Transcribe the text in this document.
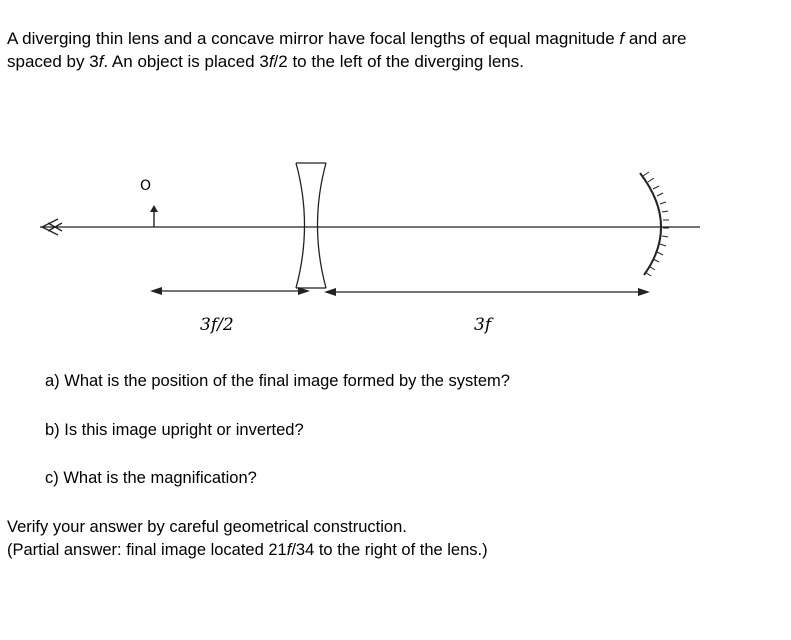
A diverging thin lens and a concave mirror have focal lengths of equal magnitude f and are
spaced by 3f. An object is placed 3f/2 to the left of the diverging lens.

O
3f/2	3f

a) What is the position of the final image formed by the system?

b) Is this image upright or inverted?

c) What is the magnification?

Verify your answer by careful geometrical construction.
(Partial answer: final image located 21f/34 to the right of the lens.)
